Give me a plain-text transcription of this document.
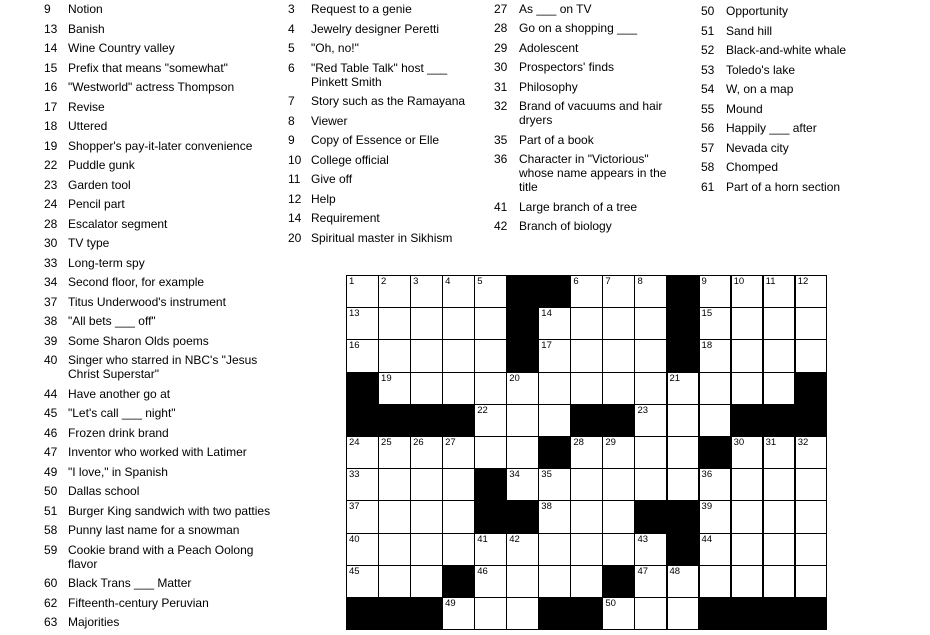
9	Notion
13 Banish
14 Wine Country valley
15 Prefix that means "somewhat"
16 "Westworld" actress Thompson
17 Revise
18 Uttered
19 Shopper's pay-it-later convenience
22 Puddle gunk
23 Garden tool
24 Pencil part
28 Escalator segment
30 TV type
33 Long-term spy
34 Second floor, for example
37 Titus Underwood's instrument
38 "All bets ___ off"
39 Some Sharon Olds poems
40 Singer who starred in NBC's "Jesus Christ Superstar"
44 Have another go at
45 "Let's call ___ night"
46 Frozen drink brand
47 Inventor who worked with Latimer
49 "I love," in Spanish
50 Dallas school
51 Burger King sandwich with two patties
58 Punny last name for a snowman
59 Cookie brand with a Peach Oolong flavor
60 Black Trans ___ Matter
62 Fifteenth-century Peruvian
63 Majorities
3	Request to a genie
4	Jewelry designer Peretti
5	"Oh, no!"
6	"Red Table Talk" host ___ Pinkett Smith
7	Story such as the Ramayana
8	Viewer
9	Copy of Essence or Elle
10 College official
11 Give off
12 Help
14 Requirement
20 Spiritual master in Sikhism
27 As ___ on TV
28 Go on a shopping ___
29 Adolescent
30 Prospectors' finds
31 Philosophy
32 Brand of vacuums and hair dryers
35 Part of a book
36 Character in "Victorious" whose name appears in the title
41 Large branch of a tree
42 Branch of biology
50 Opportunity
51 Sand hill
52 Black-and-white whale
53 Toledo's lake
54 W, on a map
55 Mound
56 Happily ___ after
57 Nevada city
58 Chomped
61 Part of a horn section
1	2	3	4	5	6	7	8	9	10 11 12
13	14	15
16	17	18
19	20	21
22	23
24 25 26 27	28 29	30 31 32
33	34 35	36
37	38	39
40	41 42	43	44
45	46	47 48
49	50
